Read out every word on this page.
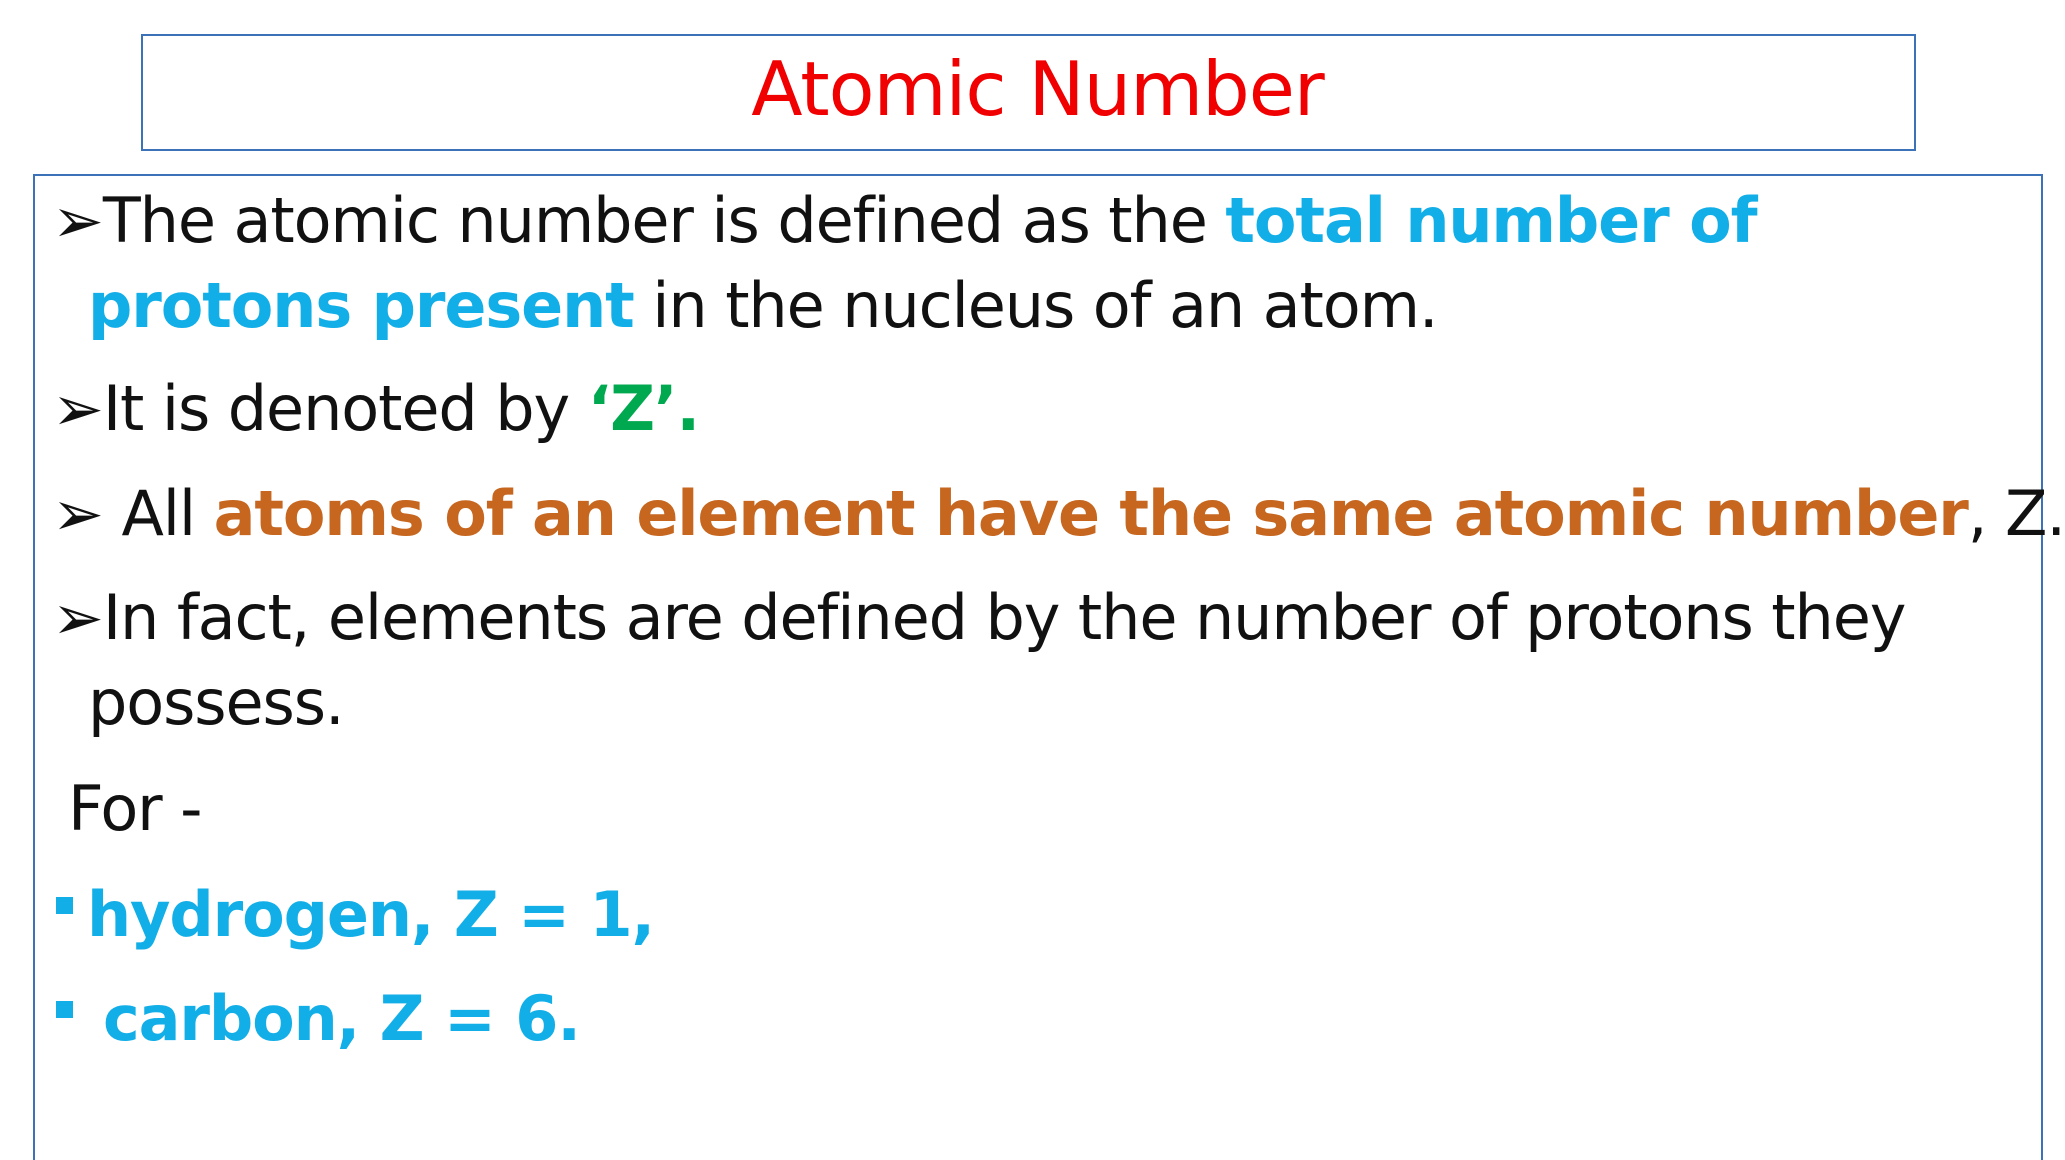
Atomic Number
➢The atomic number is defined as the total number of
protons present in the nucleus of an atom.
➢It is denoted by ‘Z’.
➢ All atoms of an element have the same atomic number, Z.
➢In fact, elements are defined by the number of protons they
possess.
For -
hydrogen, Z = 1,
carbon, Z = 6.
